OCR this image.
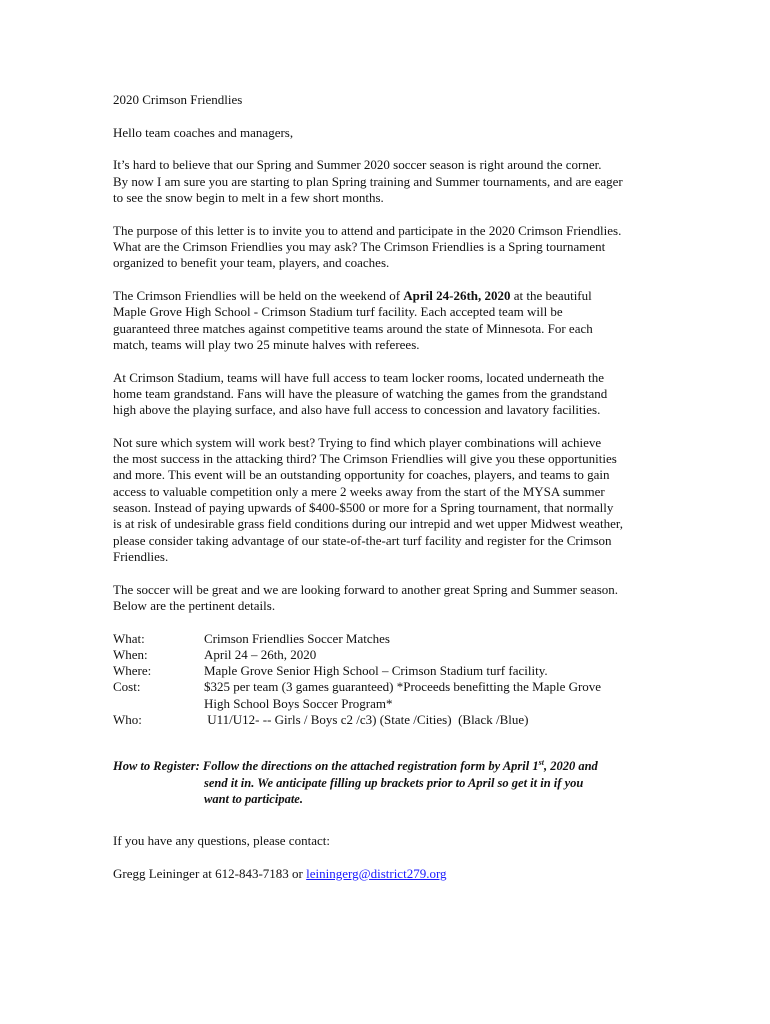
2020 Crimson Friendlies
Hello team coaches and managers,
It’s hard to believe that our Spring and Summer 2020 soccer season is right around the corner.
By now I am sure you are starting to plan Spring training and Summer tournaments, and are eager
to see the snow begin to melt in a few short months.
The purpose of this letter is to invite you to attend and participate in the 2020 Crimson Friendlies.
What are the Crimson Friendlies you may ask? The Crimson Friendlies is a Spring tournament
organized to benefit your team, players, and coaches.
The Crimson Friendlies will be held on the weekend of April 24-26th, 2020 at the beautiful
Maple Grove High School - Crimson Stadium turf facility. Each accepted team will be
guaranteed three matches against competitive teams around the state of Minnesota. For each
match, teams will play two 25 minute halves with referees.
At Crimson Stadium, teams will have full access to team locker rooms, located underneath the
home team grandstand. Fans will have the pleasure of watching the games from the grandstand
high above the playing surface, and also have full access to concession and lavatory facilities.
Not sure which system will work best? Trying to find which player combinations will achieve
the most success in the attacking third? The Crimson Friendlies will give you these opportunities
and more. This event will be an outstanding opportunity for coaches, players, and teams to gain
access to valuable competition only a mere 2 weeks away from the start of the MYSA summer
season. Instead of paying upwards of $400-$500 or more for a Spring tournament, that normally
is at risk of undesirable grass field conditions during our intrepid and wet upper Midwest weather,
please consider taking advantage of our state-of-the-art turf facility and register for the Crimson
Friendlies.
The soccer will be great and we are looking forward to another great Spring and Summer season.
Below are the pertinent details.
What:	Crimson Friendlies Soccer Matches
When:	April 24 – 26th, 2020
Where:	Maple Grove Senior High School – Crimson Stadium turf facility.
Cost:	$325 per team (3 games guaranteed) *Proceeds benefitting the Maple Grove
High School Boys Soccer Program*

Who:	U11/U12- -- Girls / Boys c2 /c3) (State /Cities)  (Black /Blue)
How to Register: Follow the directions on the attached registration form by April 1st, 2020 and
send it in. We anticipate filling up brackets prior to April so get it in if you
want to participate.
If you have any questions, please contact:
Gregg Leininger at 612-843-7183 or leiningerg@district279.org
